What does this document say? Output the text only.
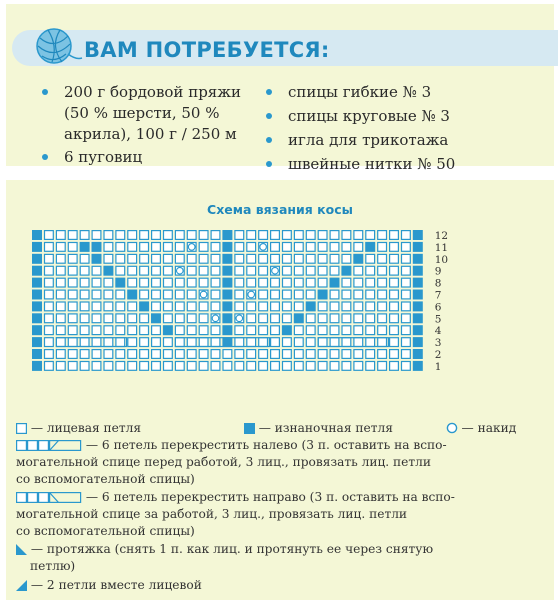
ВАМ ПОТРЕБУЕТСЯ:
200 г бордовой пряжи
(50 % шерсти, 50 %
акрила), 100 г / 250 м
6 пуговиц
спицы гибкие № 3
спицы круговые № 3
игла для трикотажа
швейные нитки № 50
Схема вязания косы
12
11
10
9
8
7
6
5
4
3
2
1
— лицевая петля	— изнаночная петля	— накид
— 6 петель перекрестить налево (3 п. оставить на вспо-
могательной спице перед работой, 3 лиц., провязать лиц. петли
со вспомогательной спицы)
— 6 петель перекрестить направо (3 п. оставить на вспо-
могательной спице за работой, 3 лиц., провязать лиц. петли
со вспомогательной спицы)
— протяжка (снять 1 п. как лиц. и протянуть ее через снятую
петлю)
— 2 петли вместе лицевой
